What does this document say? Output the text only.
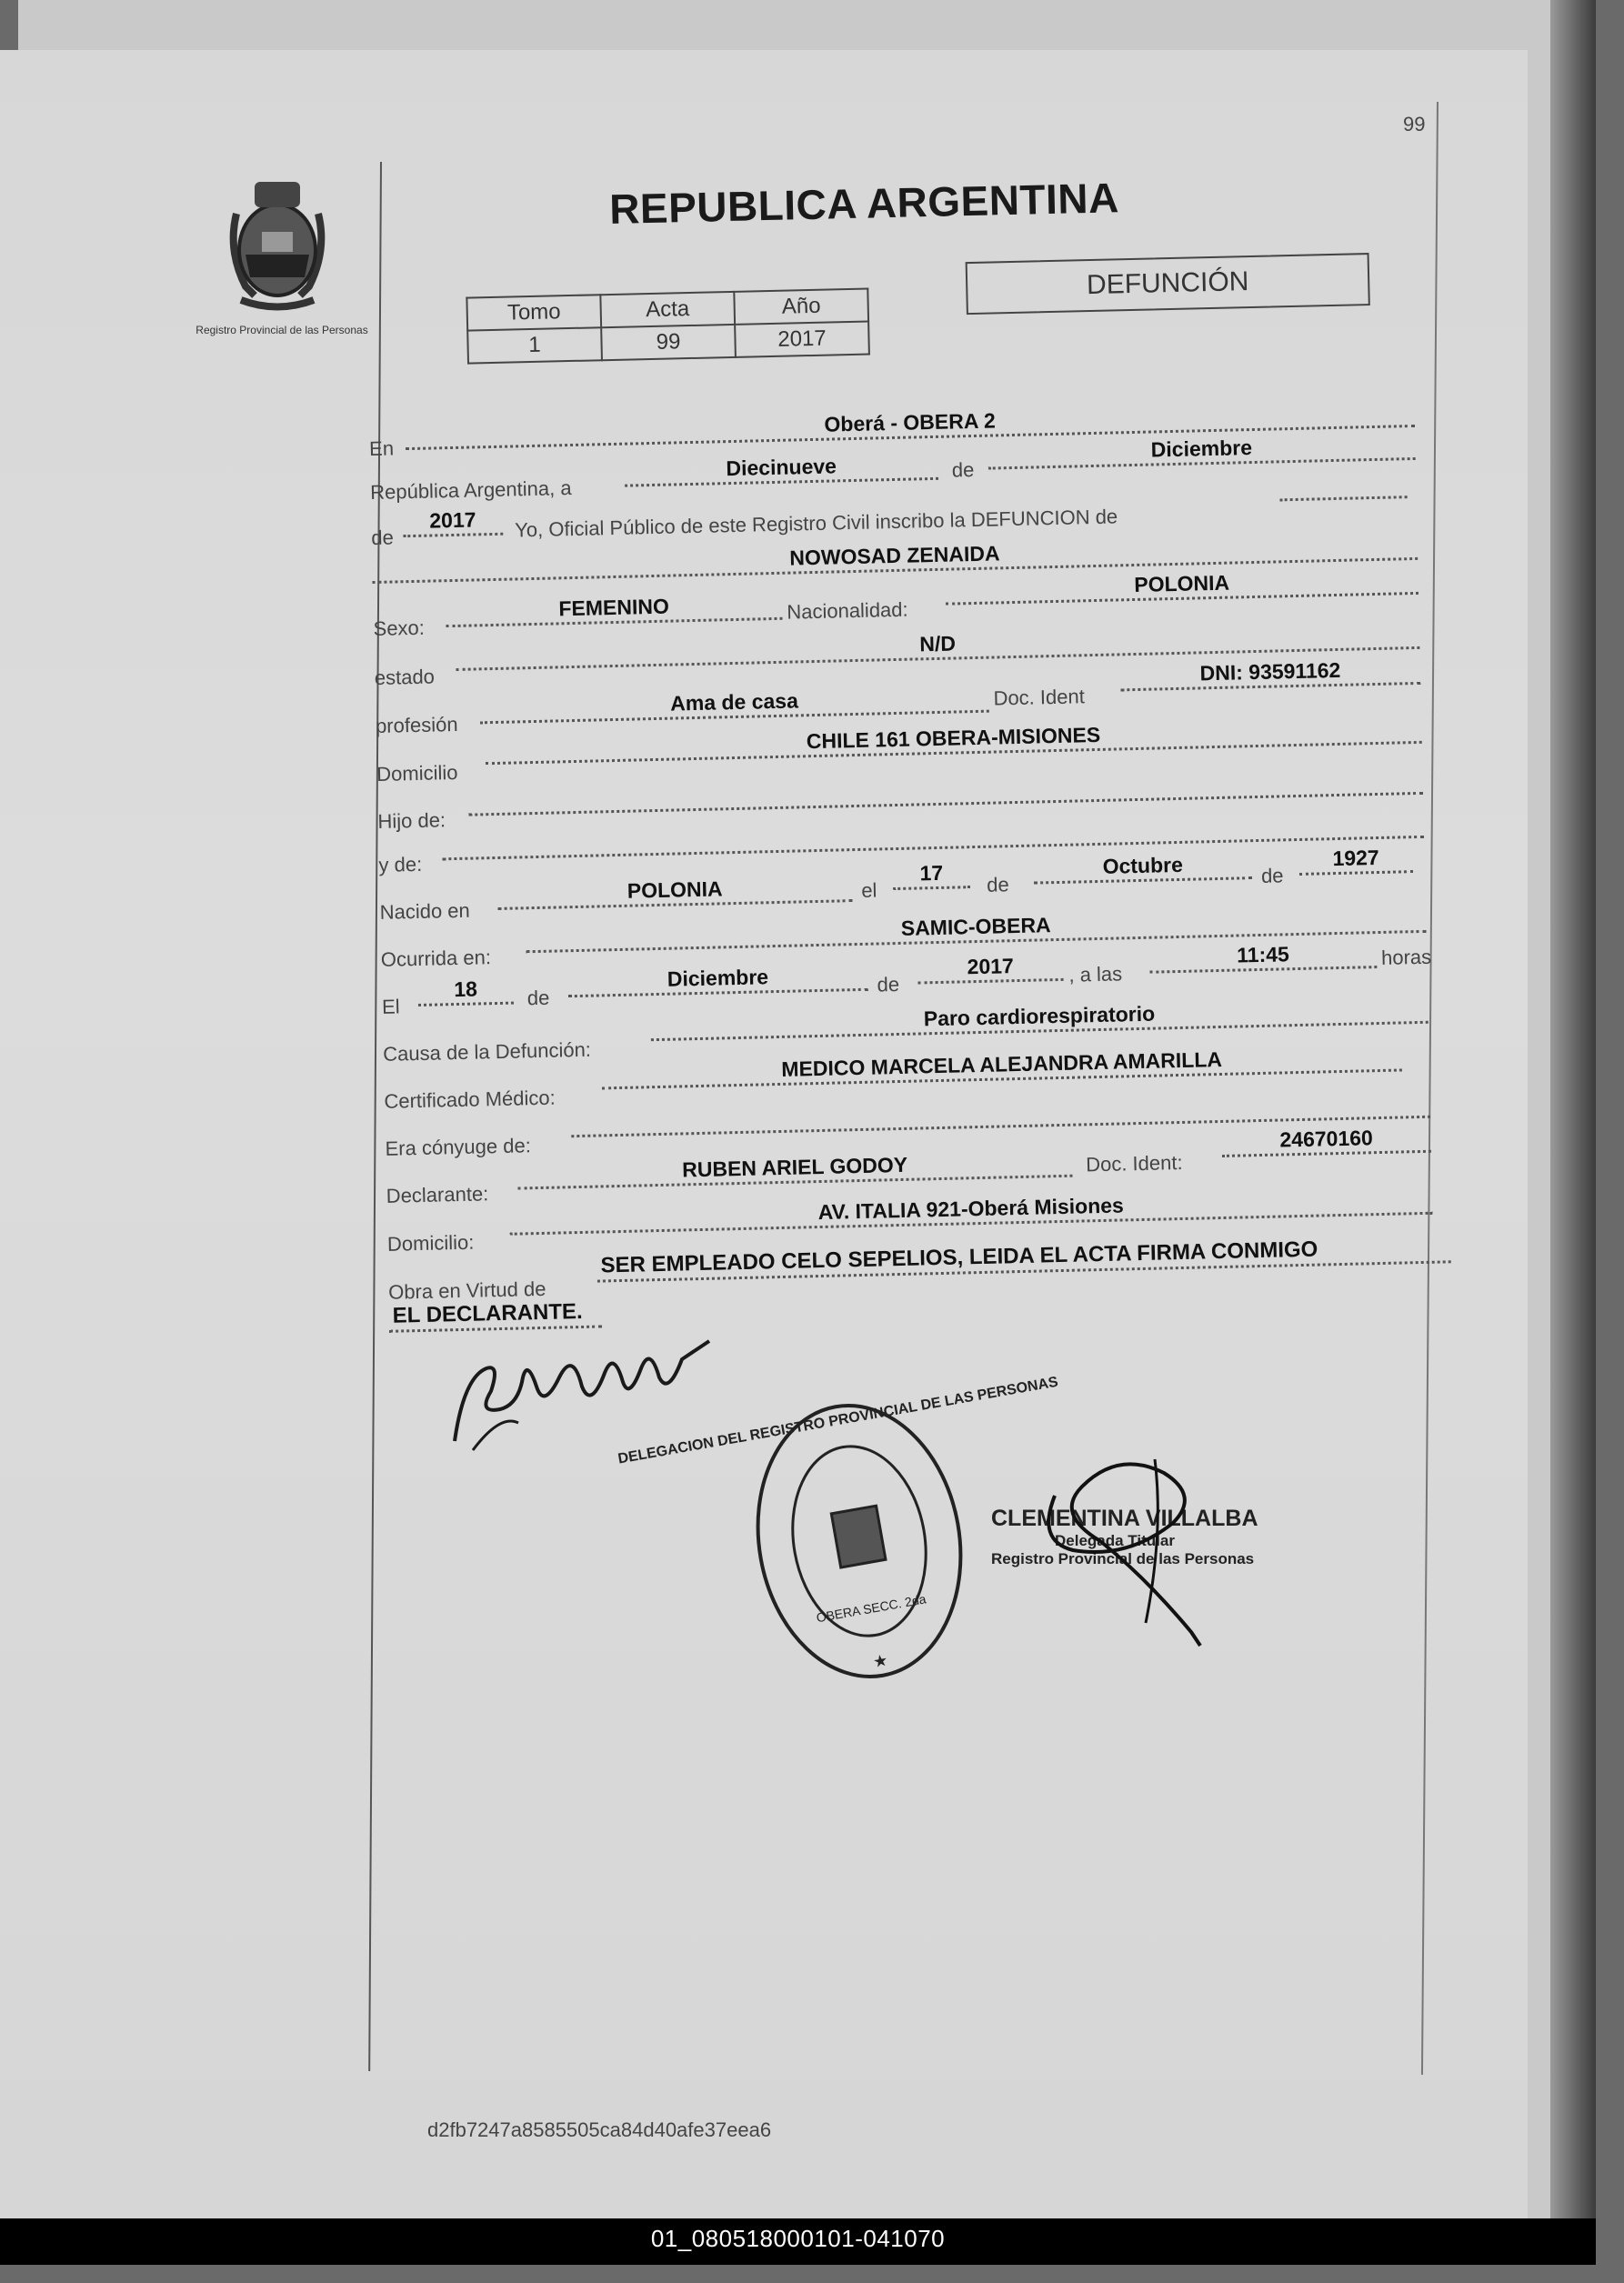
99
Registro Provincial de las Personas
REPUBLICA ARGENTINA
Tomo	Acta	Año
1	99	2017
DEFUNCIÓN
En
Oberá - OBERA 2
República Argentina, a
Diecinueve	de
Diciembre
de
2017	Yo, Oficial Público de este Registro Civil inscribo la DEFUNCION de
NOWOSAD ZENAIDA
Sexo:
FEMENINO	Nacionalidad:
POLONIA
estado
N/D
profesión
Ama de casa	Doc. Ident
DNI: 93591162
Domicilio
CHILE 161 OBERA-MISIONES
Hijo de:
y de:
Nacido en
POLONIA	el
17	de
Octubre	de
1927
Ocurrida en:
SAMIC-OBERA
El
18	de
Diciembre	de
2017	, a las
11:45	horas
Causa de la Defunción:
Paro cardiorespiratorio
Certificado Médico:
MEDICO MARCELA ALEJANDRA AMARILLA
Era cónyuge de:
Declarante:
RUBEN ARIEL GODOY	Doc. Ident:
24670160
Domicilio:
AV. ITALIA 921-Oberá Misiones
Obra en Virtud de
SER EMPLEADO CELO SEPELIOS, LEIDA EL ACTA FIRMA CONMIGO
EL DECLARANTE.
DELEGACION DEL REGISTRO PROVINCIAL DE LAS PERSONAS
OBERA SECC. 2da
★
CLEMENTINA VILLALBA
Delegada Titular
Registro Provincial de las Personas
d2fb7247a8585505ca84d40afe37eea6
01_080518000101-041070
